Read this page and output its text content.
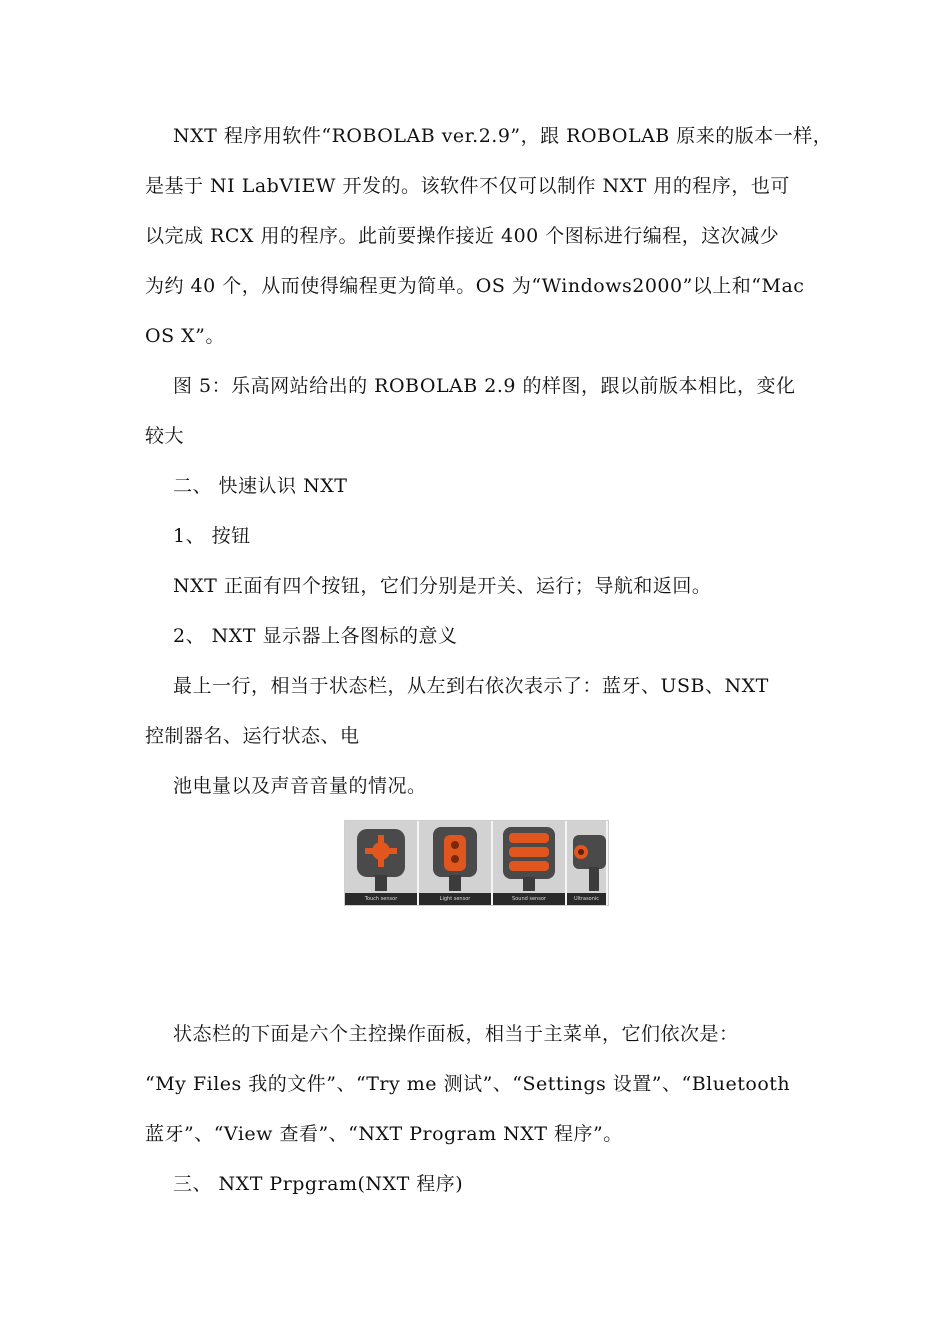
NXT 程序用软件“ROBOLAB ver.2.9”，跟 ROBOLAB 原来的版本一样，
是基于 NI LabVIEW 开发的。该软件不仅可以制作 NXT 用的程序，也可
以完成 RCX 用的程序。此前要操作接近 400 个图标进行编程，这次减少
为约 40 个，从而使得编程更为简单。OS 为“Windows2000”以上和“Mac
OS X”。
图 5：乐高网站给出的 ROBOLAB 2.9 的样图，跟以前版本相比，变化
较大
二、 快速认识 NXT
1、 按钮
NXT 正面有四个按钮，它们分别是开关、运行；导航和返回。
2、 NXT 显示器上各图标的意义
最上一行，相当于状态栏，从左到右依次表示了：蓝牙、USB、NXT
控制器名、运行状态、电
池电量以及声音音量的情况。
Touch sensor	Light sensor	Sound sensor	Ultrasonic
状态栏的下面是六个主控操作面板，相当于主菜单，它们依次是：
“My Files 我的文件”、“Try me 测试”、“Settings 设置”、“Bluetooth
蓝牙”、“View 查看”、“NXT Program NXT 程序”。
三、 NXT Prpgram(NXT 程序)
